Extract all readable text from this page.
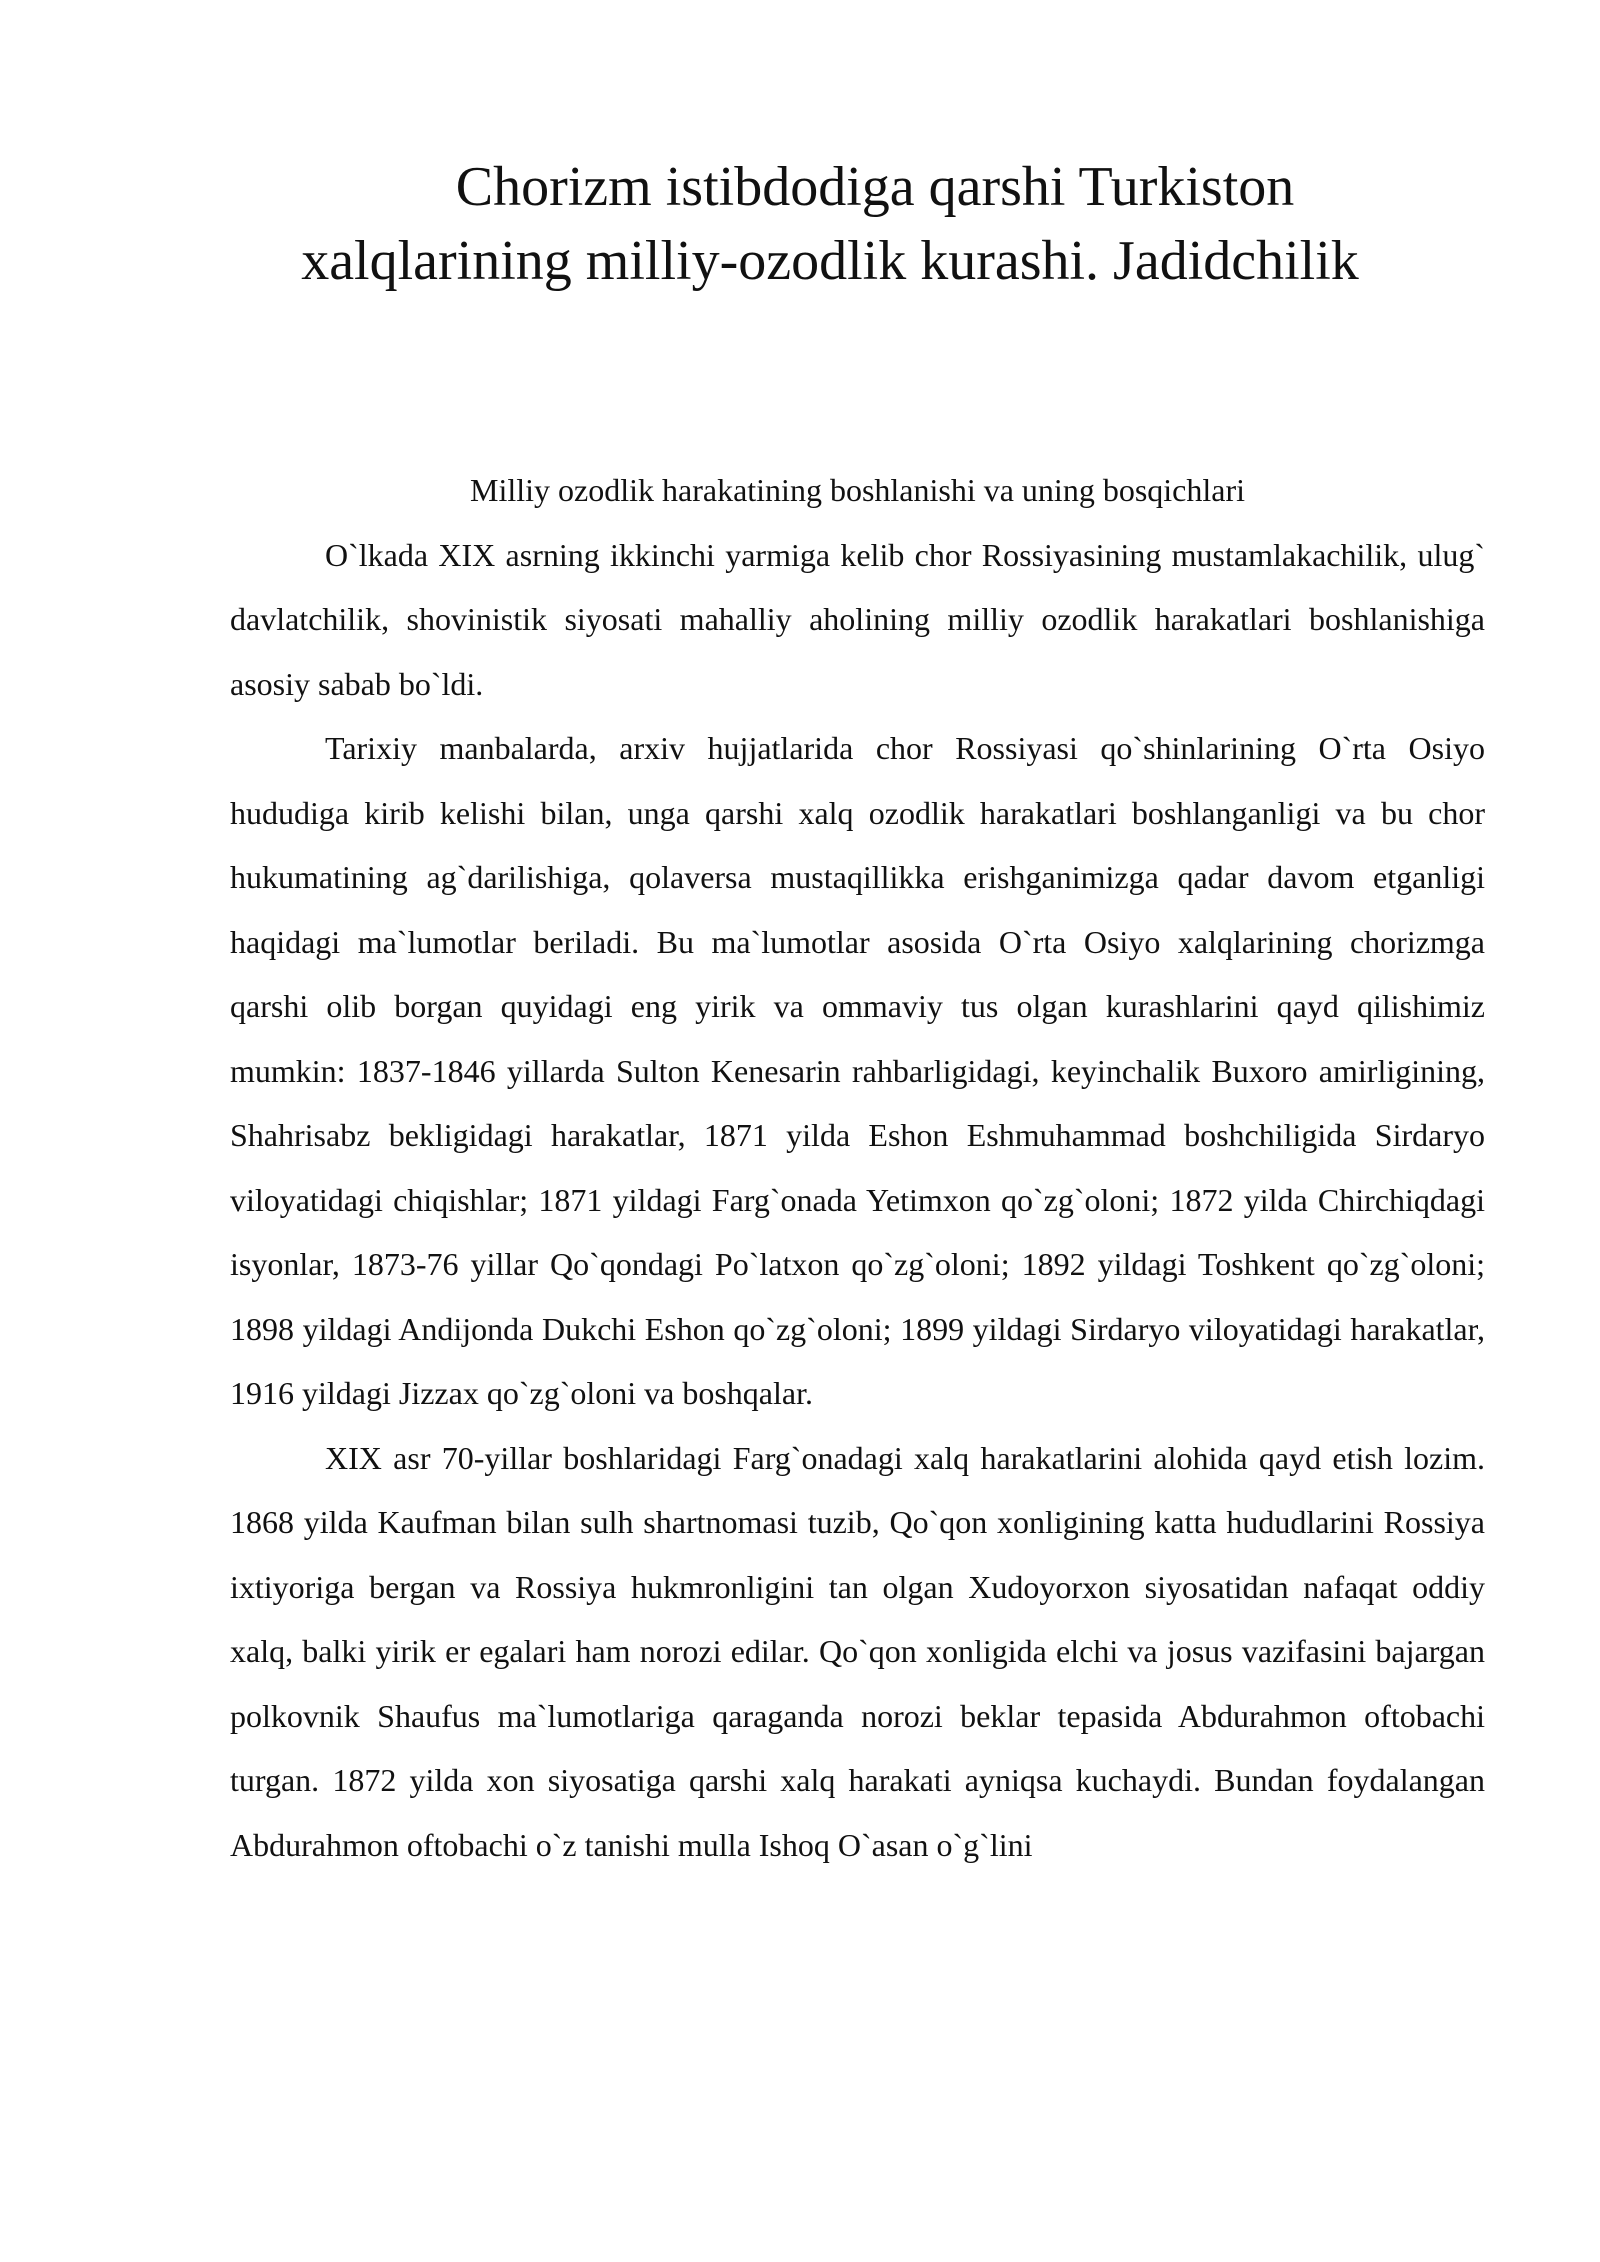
Chorizm istibdodiga qarshi Turkiston
xalqlarining milliy-ozodlik kurashi. Jadidchilik
Milliy ozodlik harakatining boshlanishi va uning bosqichlari

O`lkada XIX asrning ikkinchi yarmiga kelib chor Rossiyasining mustamlakachilik, ulug` davlatchilik, shovinistik siyosati mahalliy aholining milliy ozodlik harakatlari boshlanishiga asosiy sabab bo`ldi.

Tarixiy manbalarda, arxiv hujjatlarida chor Rossiyasi qo`shinlarining O`rta Osiyo hududiga kirib kelishi bilan, unga qarshi xalq ozodlik harakatlari boshlanganligi va bu chor hukumatining ag`darilishiga, qolaversa mustaqillikka erishganimizga qadar davom etganligi haqidagi ma`lumotlar beriladi. Bu ma`lumotlar asosida O`rta Osiyo xalqlarining chorizmga qarshi olib borgan quyidagi eng yirik va ommaviy tus olgan kurashlarini qayd qilishimiz mumkin: 1837-1846 yillarda Sulton Kenesarin rahbarligidagi, keyinchalik Buxoro amirligining, Shahrisabz bekligidagi harakatlar, 1871 yilda Eshon Eshmuhammad boshchiligida Sirdaryo viloyatidagi chiqishlar; 1871 yildagi Farg`onada Yetimxon qo`zg`oloni; 1872 yilda Chirchiqdagi isyonlar, 1873-76 yillar Qo`qondagi Po`latxon qo`zg`oloni; 1892 yildagi Toshkent qo`zg`oloni; 1898 yildagi Andijonda Dukchi Eshon qo`zg`oloni; 1899 yildagi Sirdaryo viloyatidagi harakatlar, 1916 yildagi Jizzax qo`zg`oloni va boshqalar.

XIX asr 70-yillar boshlaridagi Farg`onadagi xalq harakatlarini alohida qayd etish lozim. 1868 yilda Kaufman bilan sulh shartnomasi tuzib, Qo`qon xonligining katta hududlarini Rossiya ixtiyoriga bergan va Rossiya hukmronligini tan olgan Xudoyorxon siyosatidan nafaqat oddiy xalq, balki yirik er egalari ham norozi edilar. Qo`qon xonligida elchi va josus vazifasini bajargan polkovnik Shaufus ma`lumotlariga qaraganda norozi beklar tepasida Abdurahmon oftobachi turgan. 1872 yilda xon siyosatiga qarshi xalq harakati ayniqsa kuchaydi. Bundan foydalangan Abdurahmon oftobachi o`z tanishi mulla Ishoq O`asan o`g`lini
